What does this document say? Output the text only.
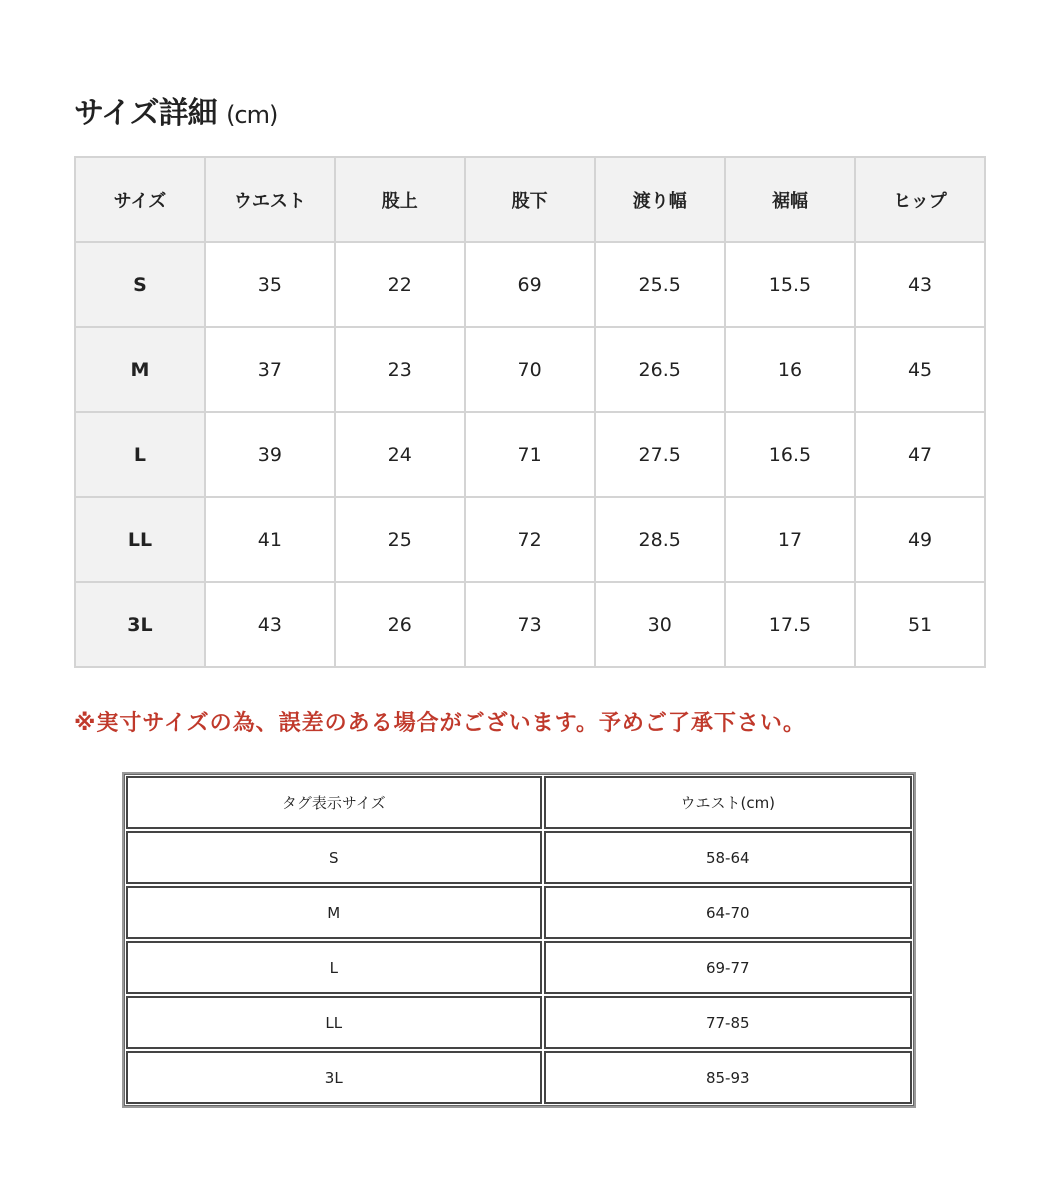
サイズ詳細 (cm)
サイズ	ウエスト	股上	股下	渡り幅	裾幅	ヒップ
S	35	22	69	25.5	15.5	43
M	37	23	70	26.5	16	45
L	39	24	71	27.5	16.5	47
LL	41	25	72	28.5	17	49
3L	43	26	73	30	17.5	51
※実寸サイズの為、誤差のある場合がございます。予めご了承下さい。
タグ表示サイズ	ウエスト(cm)
S	58-64
M	64-70
L	69-77
LL	77-85
3L	85-93
